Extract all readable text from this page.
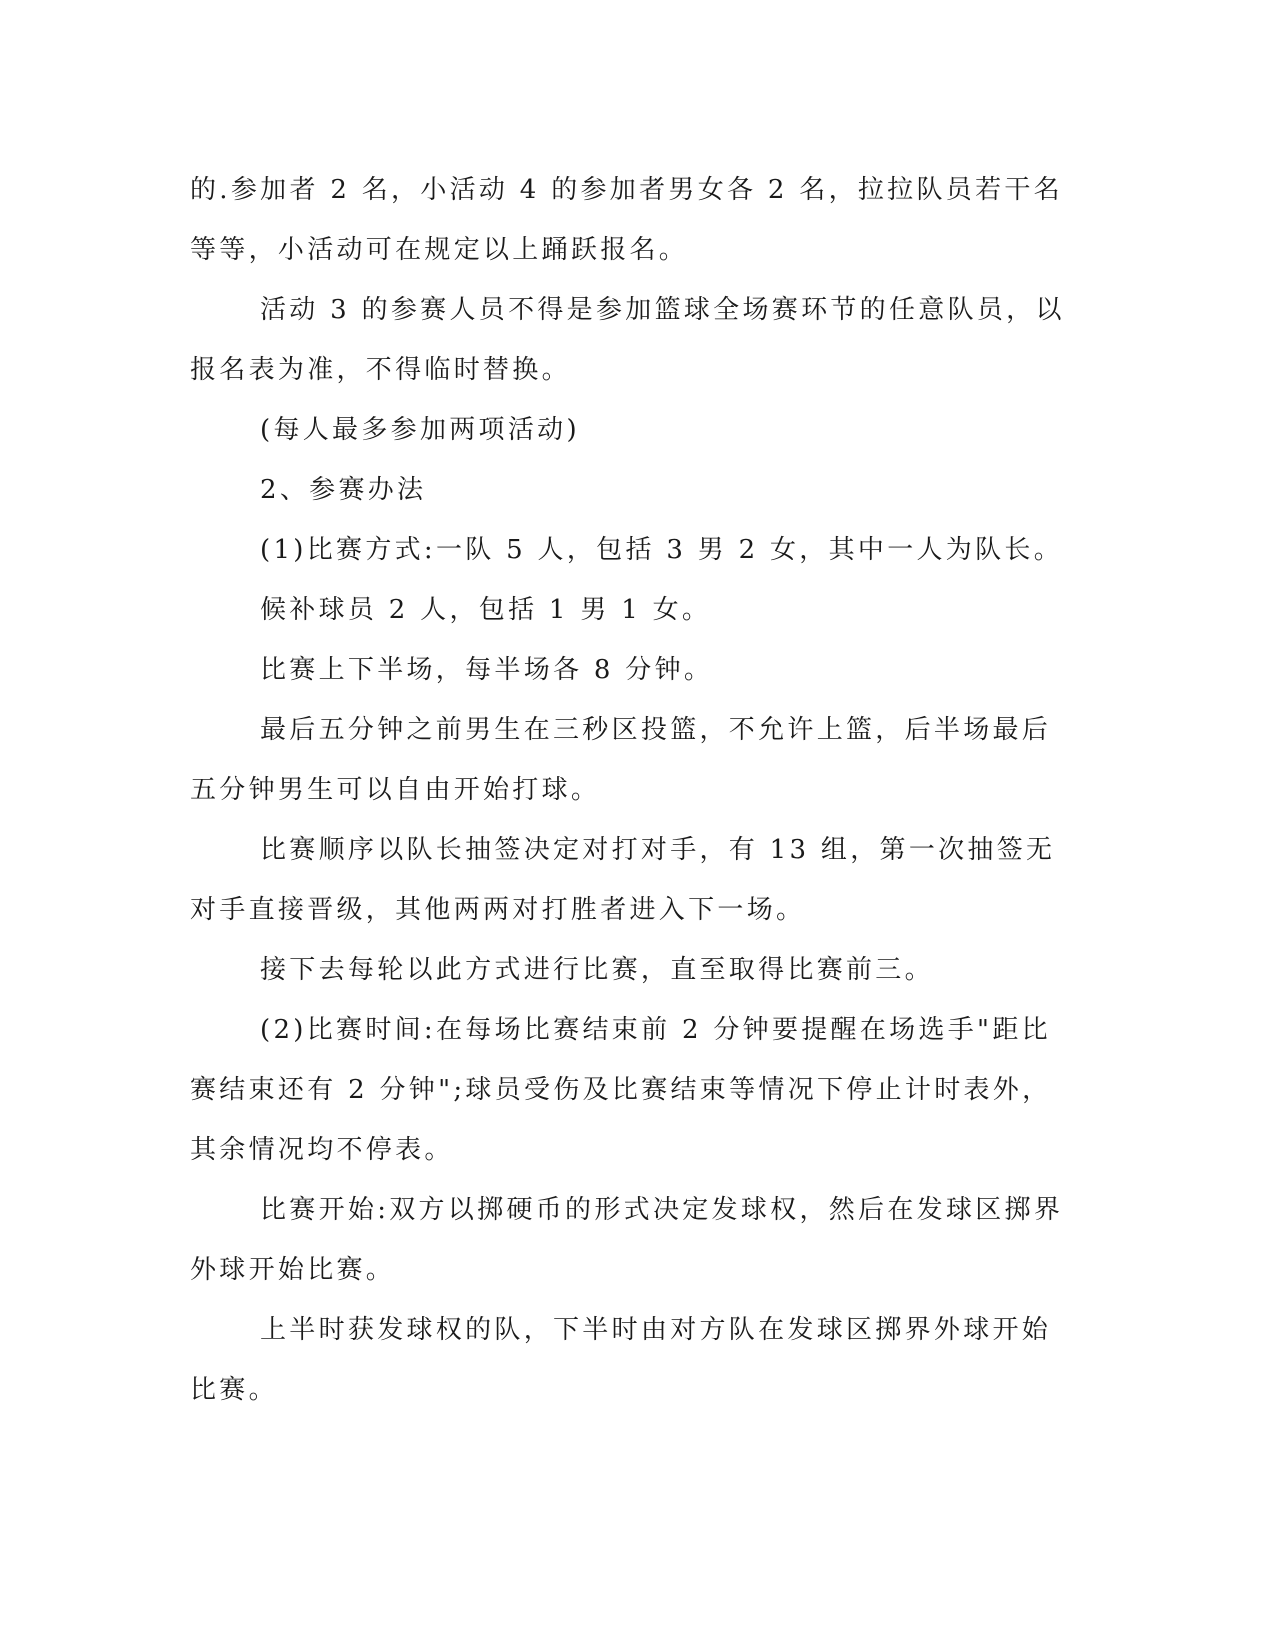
的.参加者 2 名，小活动 4 的参加者男女各 2 名，拉拉队员若干名等等，小活动可在规定以上踊跃报名。

活动 3 的参赛人员不得是参加篮球全场赛环节的任意队员，以报名表为准，不得临时替换。

(每人最多参加两项活动)

2、参赛办法

(1)比赛方式:一队 5 人，包括 3 男 2 女，其中一人为队长。

候补球员 2 人，包括 1 男 1 女。

比赛上下半场，每半场各 8 分钟。

最后五分钟之前男生在三秒区投篮，不允许上篮，后半场最后五分钟男生可以自由开始打球。

比赛顺序以队长抽签决定对打对手，有 13 组，第一次抽签无对手直接晋级，其他两两对打胜者进入下一场。

接下去每轮以此方式进行比赛，直至取得比赛前三。

(2)比赛时间:在每场比赛结束前 2 分钟要提醒在场选手"距比赛结束还有 2 分钟";球员受伤及比赛结束等情况下停止计时表外，其余情况均不停表。

比赛开始:双方以掷硬币的形式决定发球权，然后在发球区掷界外球开始比赛。

上半时获发球权的队，下半时由对方队在发球区掷界外球开始比赛。
